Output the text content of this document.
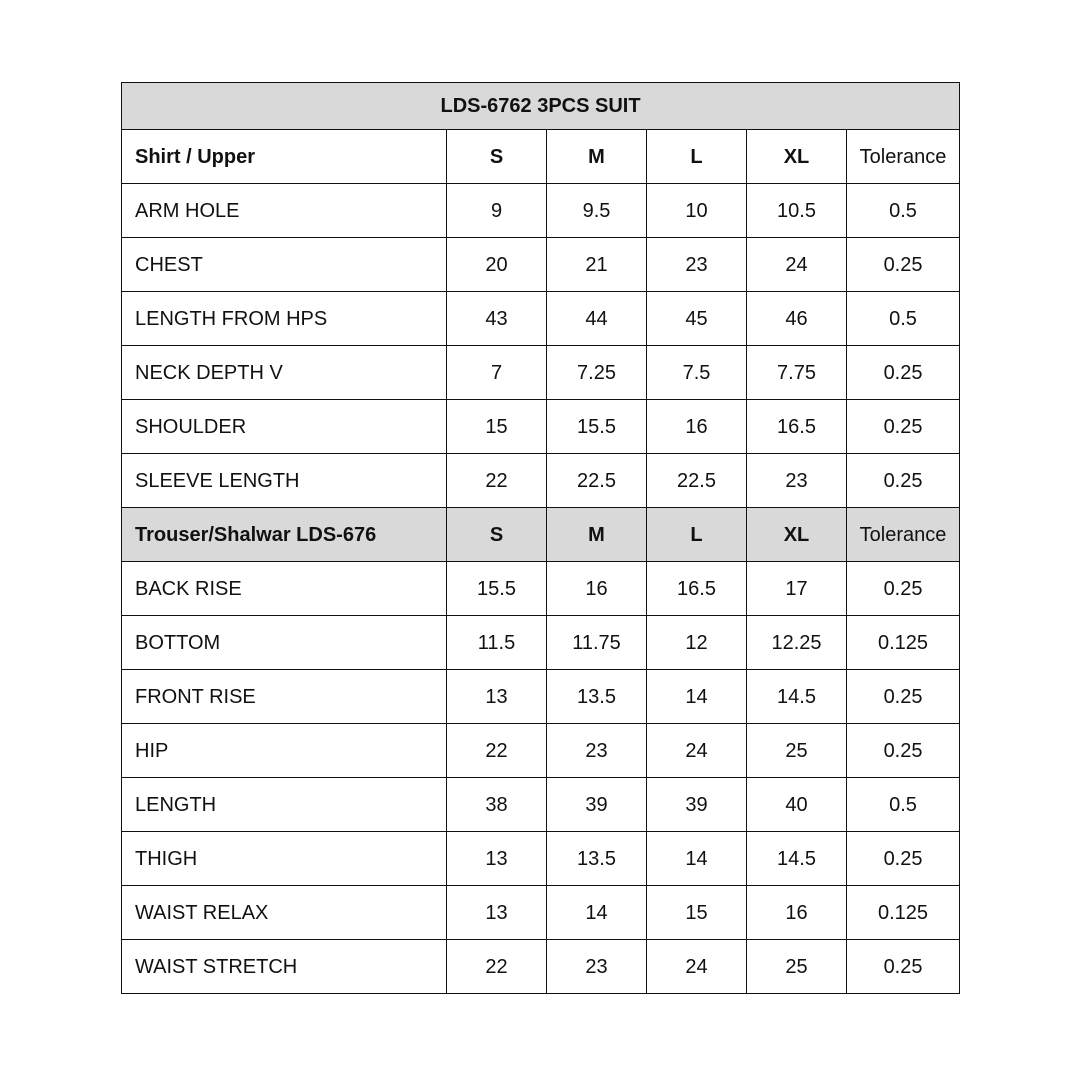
LDS-6762 3PCS SUIT					
Shirt / Upper	S	M	L	XL	Tolerance
ARM HOLE	9	9.5	10	10.5	0.5
CHEST	20	21	23	24	0.25
LENGTH FROM HPS	43	44	45	46	0.5
NECK DEPTH V	7	7.25	7.5	7.75	0.25
SHOULDER	15	15.5	16	16.5	0.25
SLEEVE LENGTH	22	22.5	22.5	23	0.25
Trouser/Shalwar LDS-676	S	M	L	XL	Tolerance
BACK RISE	15.5	16	16.5	17	0.25
BOTTOM	11.5	11.75	12	12.25	0.125
FRONT RISE	13	13.5	14	14.5	0.25
HIP	22	23	24	25	0.25
LENGTH	38	39	39	40	0.5
THIGH	13	13.5	14	14.5	0.25
WAIST RELAX	13	14	15	16	0.125
WAIST STRETCH	22	23	24	25	0.25
